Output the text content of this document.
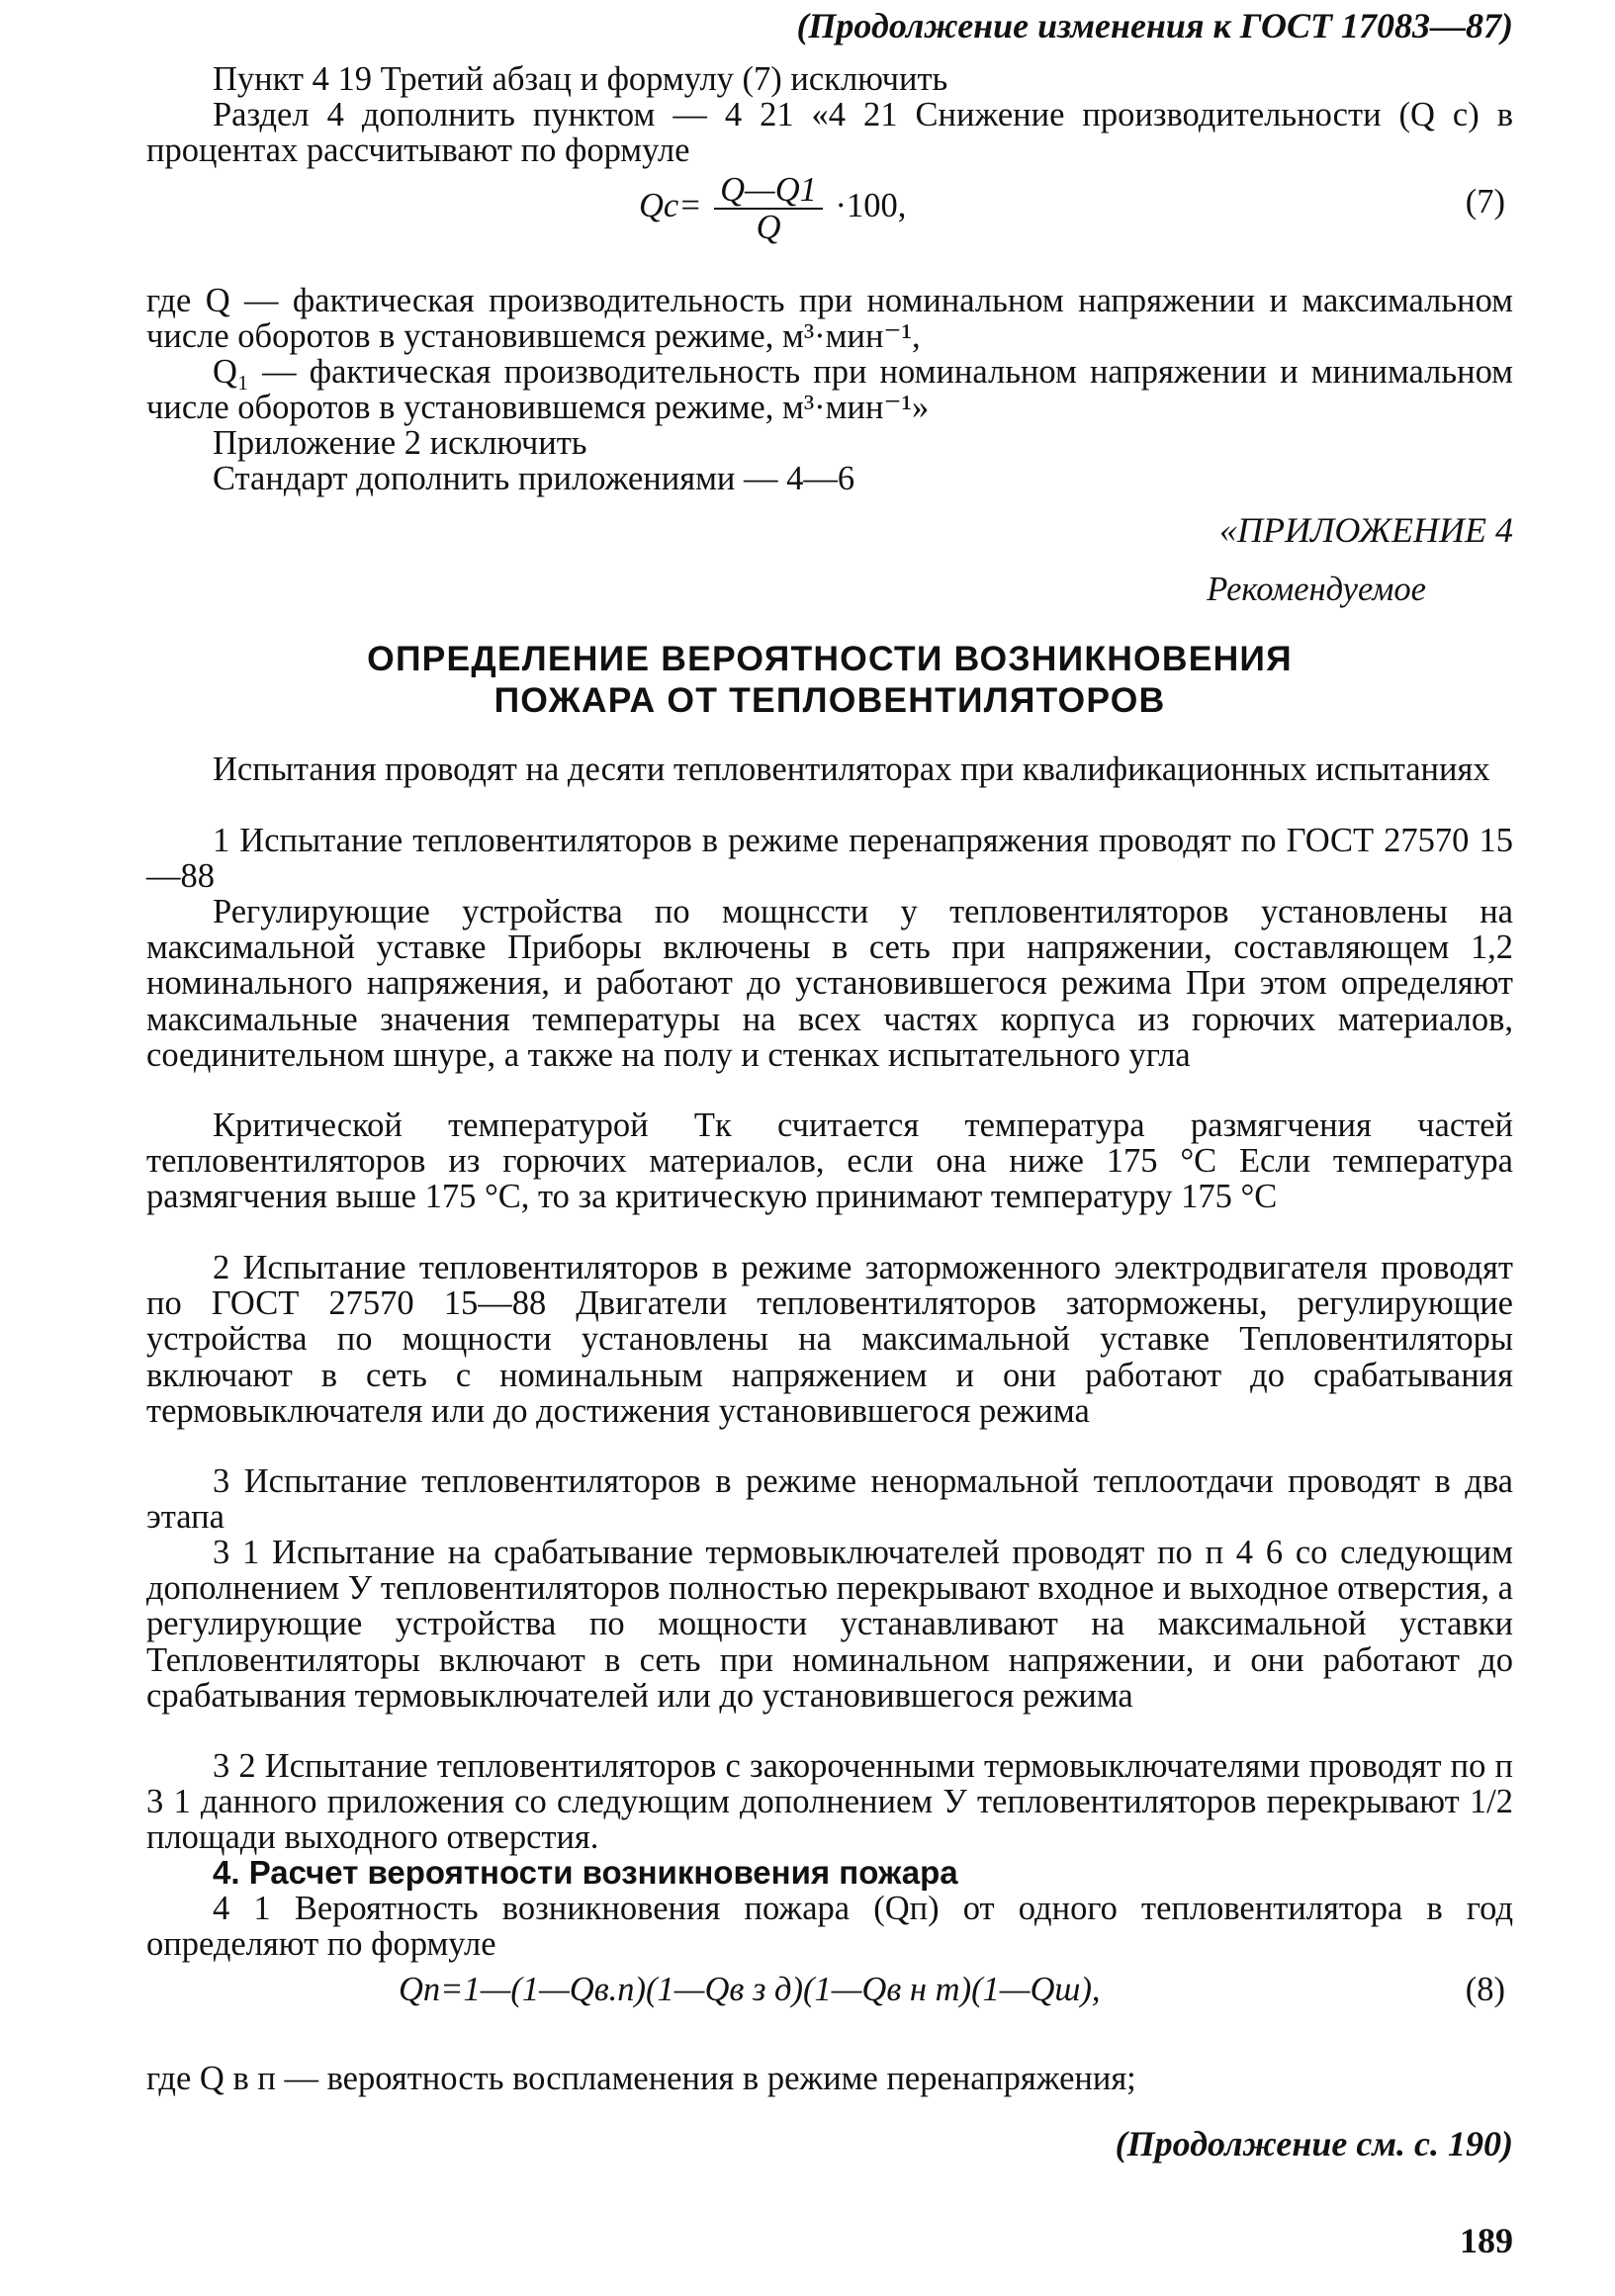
(Продолжение изменения к ГОСТ 17083—87)

Пункт 4 19 Третий абзац и формулу (7) исключить

Раздел 4 дополнить пунктом — 4 21 «4 21 Снижение производительности (Q c) в процентах рассчитывают по формуле

$Qc= \frac{Q—Q1}{Q} \cdot 100$,	(7)

где Q — фактическая производительность при номинальном напряжении и максимальном числе оборотов в установившемся режиме, м³·мин⁻¹,

Q₁ — фактическая производительность при номинальном напряжении и минимальном числе оборотов в установившемся режиме, м³·мин⁻¹»

Приложение 2 исключить

Стандарт дополнить приложениями — 4—6

«ПРИЛОЖЕНИЕ 4
Рекомендуемое
ОПРЕДЕЛЕНИЕ ВЕРОЯТНОСТИ ВОЗНИКНОВЕНИЯ
ПОЖАРА ОТ ТЕПЛОВЕНТИЛЯТОРОВ

Испытания проводят на десяти тепловентиляторах при квалификационных испытаниях

1 Испытание тепловентиляторов в режиме перенапряжения проводят по ГОСТ 27570 15—88

Регулирующие устройства по мощнссти у тепловентиляторов установлены на максимальной уставке Приборы включены в сеть при напряжении, составляющем 1,2 номинального напряжения, и работают до установившегося режима При этом определяют максимальные значения температуры на всех частях корпуса из горючих материалов, соединительном шнуре, а также на полу и стенках испытательного угла

Критической температурой Tк считается температура размягчения частей тепловентиляторов из горючих материалов, если она ниже 175 °С Если температура размягчения выше 175 °С, то за критическую принимают температуру 175 °С

2 Испытание тепловентиляторов в режиме заторможенного электродвигателя проводят по ГОСТ 27570 15—88 Двигатели тепловентиляторов заторможены, регулирующие устройства по мощности установлены на максимальной уставке Тепловентиляторы включают в сеть с номинальным напряжением и они работают до срабатывания термовыключателя или до достижения установившегося режима

3 Испытание тепловентиляторов в режиме ненормальной теплоотдачи проводят в два этапа

3 1 Испытание на срабатывание термовыключателей проводят по п 4 6 со следующим дополнением У тепловентиляторов полностью перекрывают входное и выходное отверстия, а регулирующие устройства по мощности устанавливают на максимальной уставки Тепловентиляторы включают в сеть при номинальном напряжении, и они работают до срабатывания термовыключателей или до установившегося режима

3 2 Испытание тепловентиляторов с закороченными термовыключателями проводят по п 3 1 данного приложения со следующим дополнением У тепловентиляторов перекрывают 1/2 площади выходного отверстия.

4. Расчет вероятности возникновения пожара

4 1 Вероятность возникновения пожара (Qп) от одного тепловентилятора в год определяют по формуле

Qп=1—(1—Qв.п)(1—Qв з д)(1—Qв н т)(1—Qш),	(8)

где Q в п — вероятность воспламенения в режиме перенапряжения;

(Продолжение см. с. 190)
189
